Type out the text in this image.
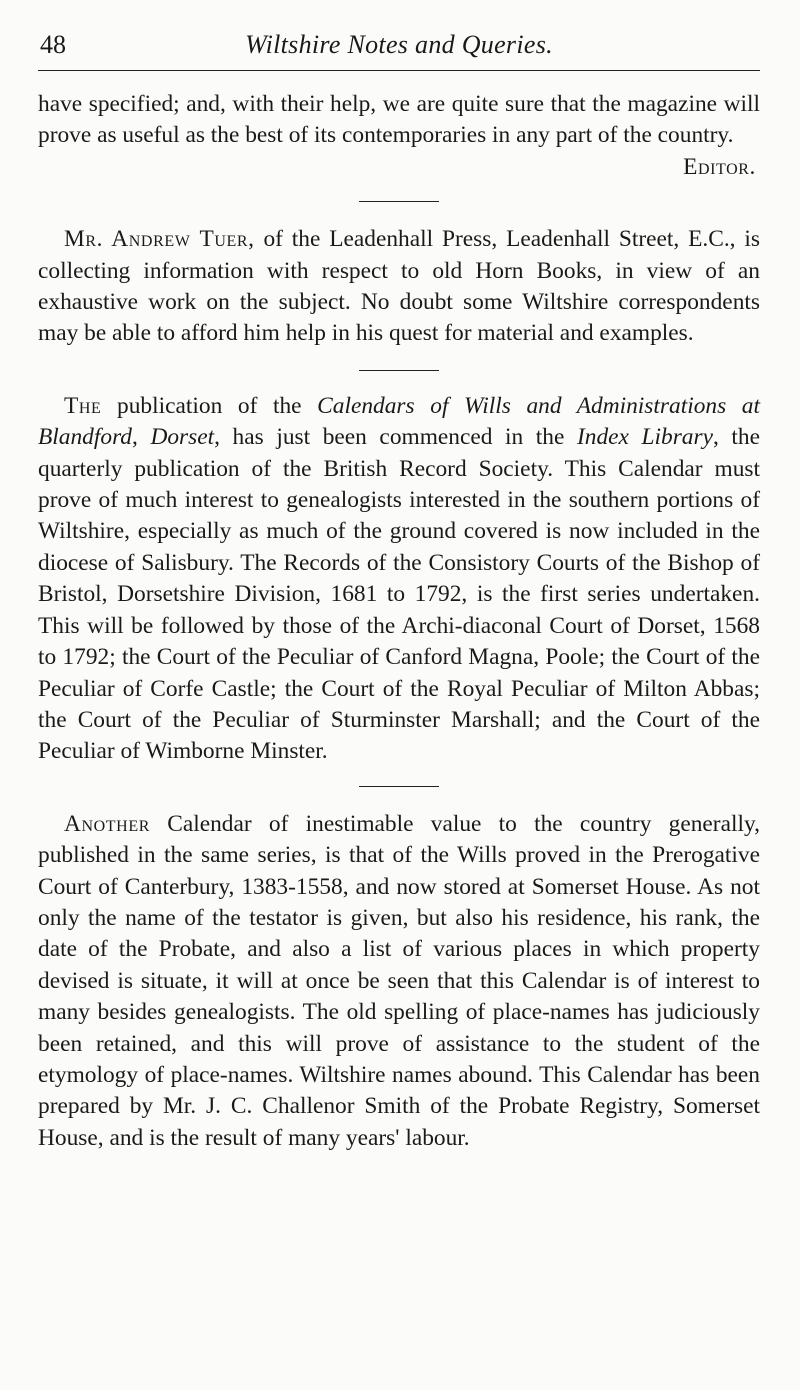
48	Wiltshire Notes and Queries.

have specified; and, with their help, we are quite sure that the magazine will prove as useful as the best of its contemporaries in any part of the country.

Editor.

Mr. Andrew Tuer, of the Leadenhall Press, Leadenhall Street, E.C., is collecting information with respect to old Horn Books, in view of an exhaustive work on the subject. No doubt some Wiltshire correspondents may be able to afford him help in his quest for material and examples.

The publication of the Calendars of Wills and Administrations at Blandford, Dorset, has just been commenced in the Index Library, the quarterly publication of the British Record Society. This Calendar must prove of much interest to genealogists interested in the southern portions of Wiltshire, especially as much of the ground covered is now included in the diocese of Salisbury. The Records of the Consistory Courts of the Bishop of Bristol, Dorsetshire Division, 1681 to 1792, is the first series undertaken. This will be followed by those of the Archi-diaconal Court of Dorset, 1568 to 1792; the Court of the Peculiar of Canford Magna, Poole; the Court of the Peculiar of Corfe Castle; the Court of the Royal Peculiar of Milton Abbas; the Court of the Peculiar of Sturminster Marshall; and the Court of the Peculiar of Wimborne Minster.

Another Calendar of inestimable value to the country generally, published in the same series, is that of the Wills proved in the Prerogative Court of Canterbury, 1383-1558, and now stored at Somerset House. As not only the name of the testator is given, but also his residence, his rank, the date of the Probate, and also a list of various places in which property devised is situate, it will at once be seen that this Calendar is of interest to many besides genealogists. The old spelling of place-names has judiciously been retained, and this will prove of assistance to the student of the etymology of place-names. Wiltshire names abound. This Calendar has been prepared by Mr. J. C. Challenor Smith of the Probate Registry, Somerset House, and is the result of many years' labour.
